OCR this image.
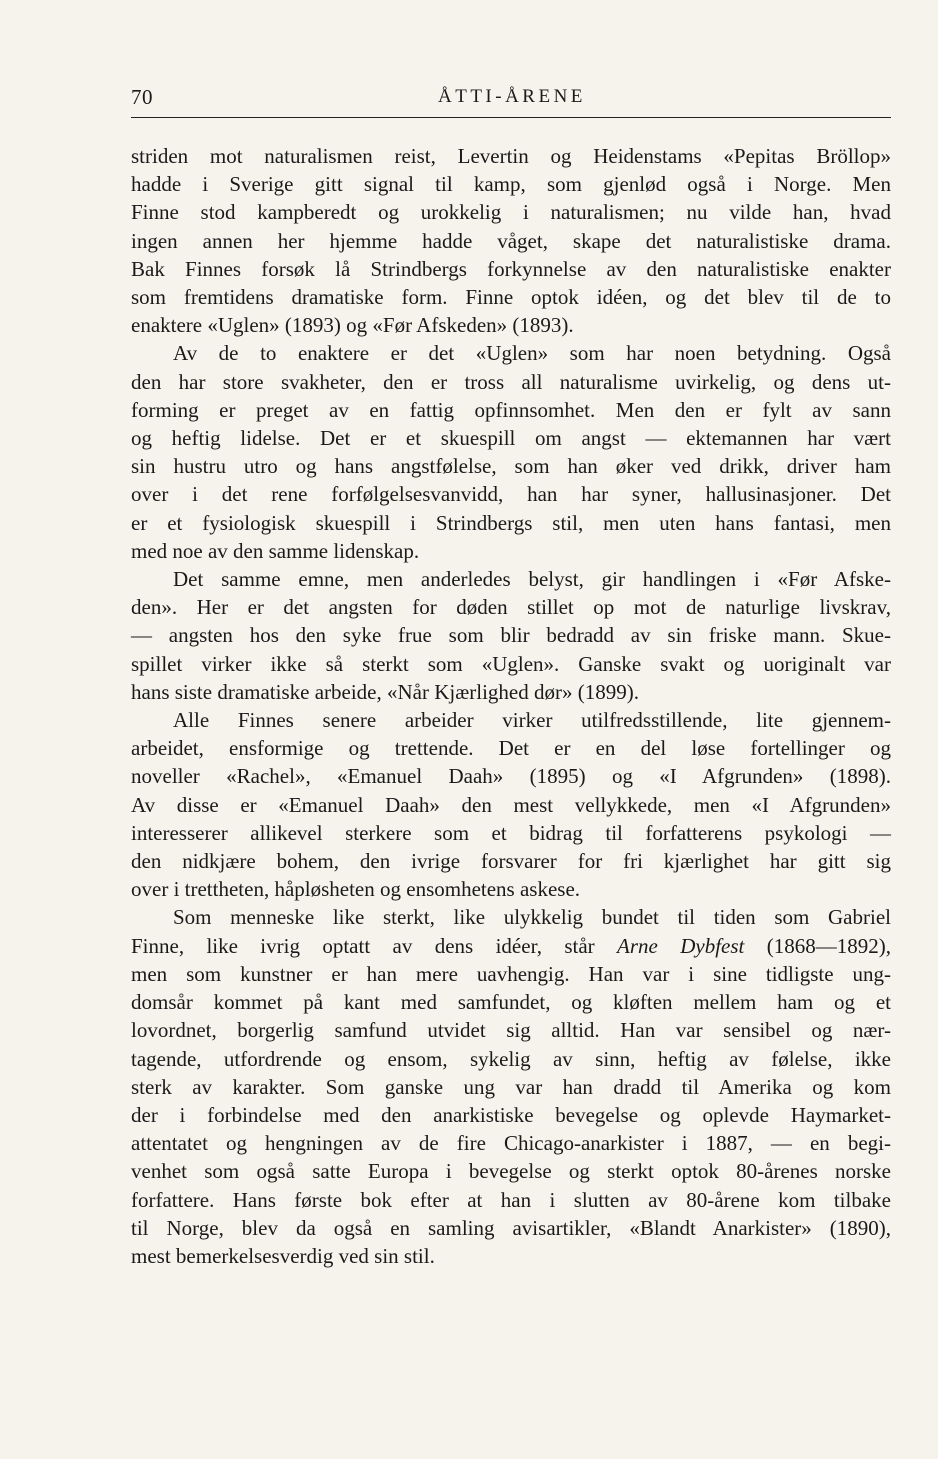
70	ÅTTI-ÅRENE
striden mot naturalismen reist, Levertin og Heidenstams «Pepitas Bröllop»
hadde i Sverige gitt signal til kamp, som gjenlød også i Norge. Men
Finne stod kampberedt og urokkelig i naturalismen; nu vilde han, hvad
ingen annen her hjemme hadde våget, skape det naturalistiske drama.
Bak Finnes forsøk lå Strindbergs forkynnelse av den naturalistiske enakter
som fremtidens dramatiske form. Finne optok idéen, og det blev til de to
enaktere «Uglen» (1893) og «Før Afskeden» (1893).
Av de to enaktere er det «Uglen» som har noen betydning. Også
den har store svakheter, den er tross all naturalisme uvirkelig, og dens ut-
forming er preget av en fattig opfinnsomhet. Men den er fylt av sann
og heftig lidelse. Det er et skuespill om angst — ektemannen har vært
sin hustru utro og hans angstfølelse, som han øker ved drikk, driver ham
over i det rene forfølgelsesvanvidd, han har syner, hallusinasjoner. Det
er et fysiologisk skuespill i Strindbergs stil, men uten hans fantasi, men
med noe av den samme lidenskap.
Det samme emne, men anderledes belyst, gir handlingen i «Før Afske-
den». Her er det angsten for døden stillet op mot de naturlige livskrav,
— angsten hos den syke frue som blir bedradd av sin friske mann. Skue-
spillet virker ikke så sterkt som «Uglen». Ganske svakt og uoriginalt var
hans siste dramatiske arbeide, «Når Kjærlighed dør» (1899).
Alle Finnes senere arbeider virker utilfredsstillende, lite gjennem-
arbeidet, ensformige og trettende. Det er en del løse fortellinger og
noveller «Rachel», «Emanuel Daah» (1895) og «I Afgrunden» (1898).
Av disse er «Emanuel Daah» den mest vellykkede, men «I Afgrunden»
interesserer allikevel sterkere som et bidrag til forfatterens psykologi —
den nidkjære bohem, den ivrige forsvarer for fri kjærlighet har gitt sig
over i trettheten, håpløsheten og ensomhetens askese.
Som menneske like sterkt, like ulykkelig bundet til tiden som Gabriel
Finne, like ivrig optatt av dens idéer, står Arne Dybfest (1868—1892),
men som kunstner er han mere uavhengig. Han var i sine tidligste ung-
domsår kommet på kant med samfundet, og kløften mellem ham og et
lovordnet, borgerlig samfund utvidet sig alltid. Han var sensibel og nær-
tagende, utfordrende og ensom, sykelig av sinn, heftig av følelse, ikke
sterk av karakter. Som ganske ung var han dradd til Amerika og kom
der i forbindelse med den anarkistiske bevegelse og oplevde Haymarket-
attentatet og hengningen av de fire Chicago-anarkister i 1887, — en begi-
venhet som også satte Europa i bevegelse og sterkt optok 80-årenes norske
forfattere. Hans første bok efter at han i slutten av 80-årene kom tilbake
til Norge, blev da også en samling avisartikler, «Blandt Anarkister» (1890),
mest bemerkelsesverdig ved sin stil.
